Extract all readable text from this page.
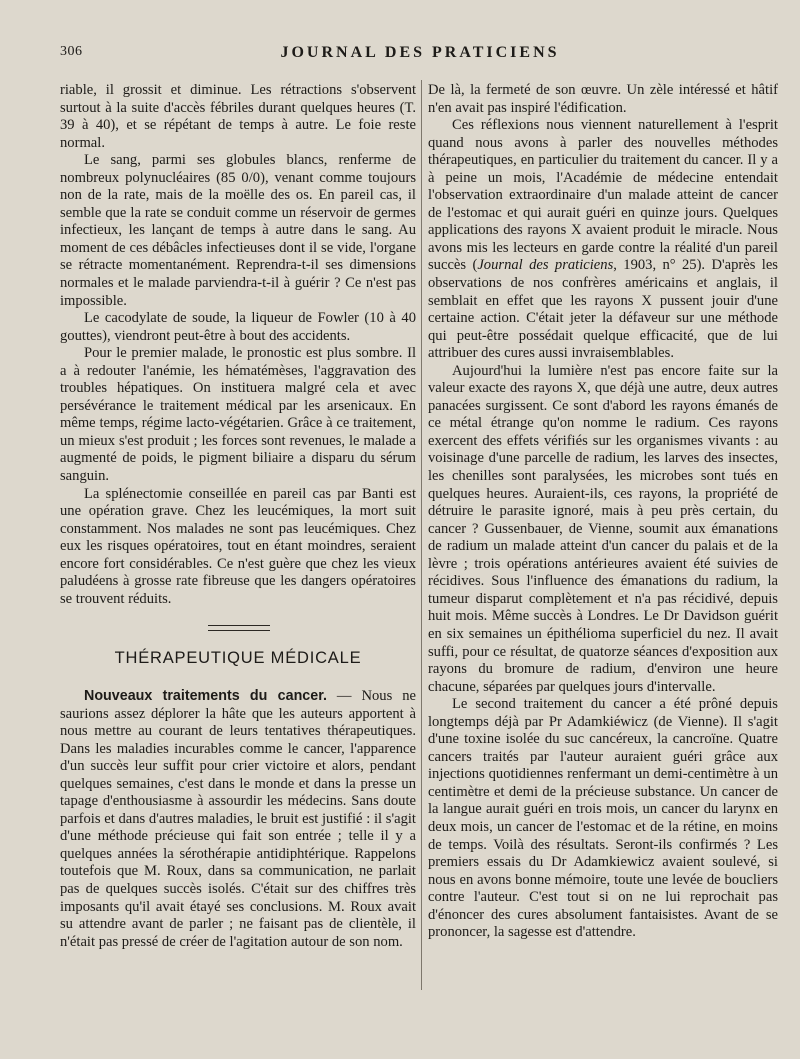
306	JOURNAL DES PRATICIENS

riable, il grossit et diminue. Les rétractions s'observent surtout à la suite d'accès fébriles durant quelques heures (T. 39 à 40), et se répétant de temps à autre. Le foie reste normal.

Le sang, parmi ses globules blancs, renferme de nombreux polynucléaires (85 0/0), venant comme toujours non de la rate, mais de la moëlle des os. En pareil cas, il semble que la rate se conduit comme un réservoir de germes infectieux, les lançant de temps à autre dans le sang. Au moment de ces débâcles infectieuses dont il se vide, l'organe se rétracte momentanément. Reprendra-t-il ses dimensions normales et le malade parviendra-t-il à guérir ? Ce n'est pas impossible.

Le cacodylate de soude, la liqueur de Fowler (10 à 40 gouttes), viendront peut-être à bout des accidents.

Pour le premier malade, le pronostic est plus sombre. Il a à redouter l'anémie, les hématémèses, l'aggravation des troubles hépatiques. On instituera malgré cela et avec persévérance le traitement médical par les arsenicaux. En même temps, régime lacto-végétarien. Grâce à ce traitement, un mieux s'est produit ; les forces sont revenues, le malade a augmenté de poids, le pigment biliaire a disparu du sérum sanguin.

La splénectomie conseillée en pareil cas par Banti est une opération grave. Chez les leucémiques, la mort suit constamment. Nos malades ne sont pas leucémiques. Chez eux les risques opératoires, tout en étant moindres, seraient encore fort considérables. Ce n'est guère que chez les vieux paludéens à grosse rate fibreuse que les dangers opératoires se trouvent réduits.

THÉRAPEUTIQUE MÉDICALE

Nouveaux traitements du cancer. — Nous ne saurions assez déplorer la hâte que les auteurs apportent à nous mettre au courant de leurs tentatives thérapeutiques. Dans les maladies incurables comme le cancer, l'apparence d'un succès leur suffit pour crier victoire et alors, pendant quelques semaines, c'est dans le monde et dans la presse un tapage d'enthousiasme à assourdir les médecins. Sans doute parfois et dans d'autres maladies, le bruit est justifié : il s'agit d'une méthode précieuse qui fait son entrée ; telle il y a quelques années la sérothérapie antidiphtérique. Rappelons toutefois que M. Roux, dans sa communication, ne parlait pas de quelques succès isolés. C'était sur des chiffres très imposants qu'il avait étayé ses conclusions. M. Roux avait su attendre avant de parler ; ne faisant pas de clientèle, il n'était pas pressé de créer de l'agitation autour de son nom.

De là, la fermeté de son œuvre. Un zèle intéressé et hâtif n'en avait pas inspiré l'édification.

Ces réflexions nous viennent naturellement à l'esprit quand nous avons à parler des nouvelles méthodes thérapeutiques, en particulier du traitement du cancer. Il y a à peine un mois, l'Académie de médecine entendait l'observation extraordinaire d'un malade atteint de cancer de l'estomac et qui aurait guéri en quinze jours. Quelques applications des rayons X avaient produit le miracle. Nous avons mis les lecteurs en garde contre la réalité d'un pareil succès (Journal des praticiens, 1903, n° 25). D'après les observations de nos confrères américains et anglais, il semblait en effet que les rayons X pussent jouir d'une certaine action. C'était jeter la défaveur sur une méthode qui peut-être possédait quelque efficacité, que de lui attribuer des cures aussi invraisemblables.

Aujourd'hui la lumière n'est pas encore faite sur la valeur exacte des rayons X, que déjà une autre, deux autres panacées surgissent. Ce sont d'abord les rayons émanés de ce métal étrange qu'on nomme le radium. Ces rayons exercent des effets vérifiés sur les organismes vivants : au voisinage d'une parcelle de radium, les larves des insectes, les chenilles sont paralysées, les microbes sont tués en quelques heures. Auraient-ils, ces rayons, la propriété de détruire le parasite ignoré, mais à peu près certain, du cancer ? Gussenbauer, de Vienne, soumit aux émanations de radium un malade atteint d'un cancer du palais et de la lèvre ; trois opérations antérieures avaient été suivies de récidives. Sous l'influence des émanations du radium, la tumeur disparut complètement et n'a pas récidivé, depuis huit mois. Même succès à Londres. Le Dr Davidson guérit en six semaines un épithélioma superficiel du nez. Il avait suffi, pour ce résultat, de quatorze séances d'exposition aux rayons du bromure de radium, d'environ une heure chacune, séparées par quelques jours d'intervalle.

Le second traitement du cancer a été prôné depuis longtemps déjà par Pr Adamkiéwicz (de Vienne). Il s'agit d'une toxine isolée du suc cancéreux, la cancroïne. Quatre cancers traités par l'auteur auraient guéri grâce aux injections quotidiennes renfermant un demi-centimètre à un centimètre et demi de la précieuse substance. Un cancer de la langue aurait guéri en trois mois, un cancer du larynx en deux mois, un cancer de l'estomac et de la rétine, en moins de temps. Voilà des résultats. Seront-ils confirmés ? Les premiers essais du Dr Adamkiewicz avaient soulevé, si nous en avons bonne mémoire, toute une levée de boucliers contre l'auteur. C'est tout si on ne lui reprochait pas d'énoncer des cures absolument fantaisistes. Avant de se prononcer, la sagesse est d'attendre.
